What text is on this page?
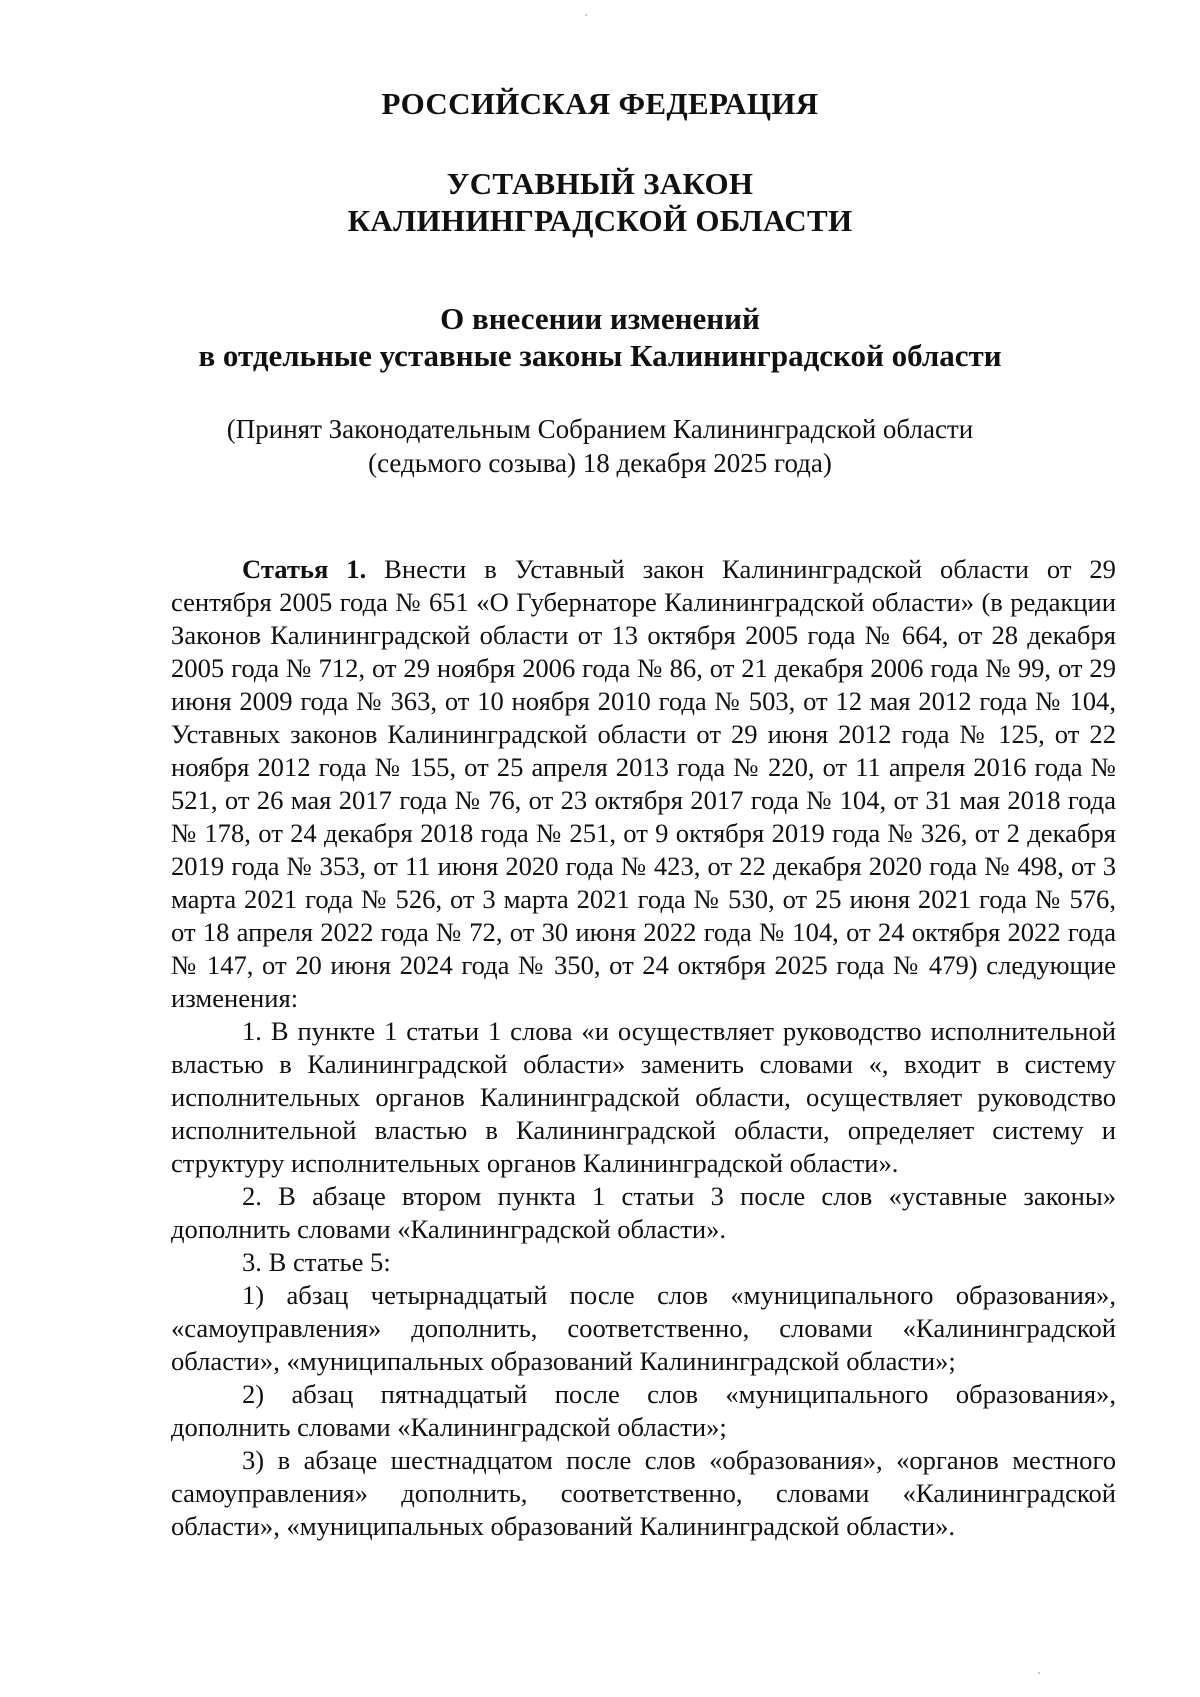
РОССИЙСКАЯ ФЕДЕРАЦИЯ
УСТАВНЫЙ ЗАКОН
КАЛИНИНГРАДСКОЙ ОБЛАСТИ
О внесении изменений
в отдельные уставные законы Калининградской области
(Принят Законодательным Собранием Калининградской области
(седьмого созыва) 18 декабря 2025 года)

Статья 1. Внести в Уставный закон Калининградской области от 29 сентября 2005 года № 651 «О Губернаторе Калининградской области» (в редакции Законов Калининградской области от 13 октября 2005 года № 664, от 28 декабря 2005 года № 712, от 29 ноября 2006 года № 86, от 21 декабря 2006 года № 99, от 29 июня 2009 года № 363, от 10 ноября 2010 года № 503, от 12 мая 2012 года № 104, Уставных законов Калининградской области от 29 июня 2012 года № 125, от 22 ноября 2012 года № 155, от 25 апреля 2013 года № 220, от 11 апреля 2016 года № 521, от 26 мая 2017 года № 76, от 23 октября 2017 года № 104, от 31 мая 2018 года № 178, от 24 декабря 2018 года № 251, от 9 октября 2019 года № 326, от 2 декабря 2019 года № 353, от 11 июня 2020 года № 423, от 22 декабря 2020 года № 498, от 3 марта 2021 года № 526, от 3 марта 2021 года № 530, от 25 июня 2021 года № 576, от 18 апреля 2022 года № 72, от 30 июня 2022 года № 104, от 24 октября 2022 года № 147, от 20 июня 2024 года № 350, от 24 октября 2025 года № 479) следующие изменения:

1. В пункте 1 статьи 1 слова «и осуществляет руководство исполнительной властью в Калининградской области» заменить словами «, входит в систему исполнительных органов Калининградской области, осуществляет руководство исполнительной властью в Калининградской области, определяет систему и структуру исполнительных органов Калининградской области».

2. В абзаце втором пункта 1 статьи 3 после слов «уставные законы» дополнить словами «Калининградской области».

3. В статье 5:

1) абзац четырнадцатый после слов «муниципального образования», «самоуправления» дополнить, соответственно, словами «Калининградской области», «муниципальных образований Калининградской области»;

2) абзац пятнадцатый после слов «муниципального образования», дополнить словами «Калининградской области»;

3) в абзаце шестнадцатом после слов «образования», «органов местного самоуправления» дополнить, соответственно, словами «Калининградской области», «муниципальных образований Калининградской области».
